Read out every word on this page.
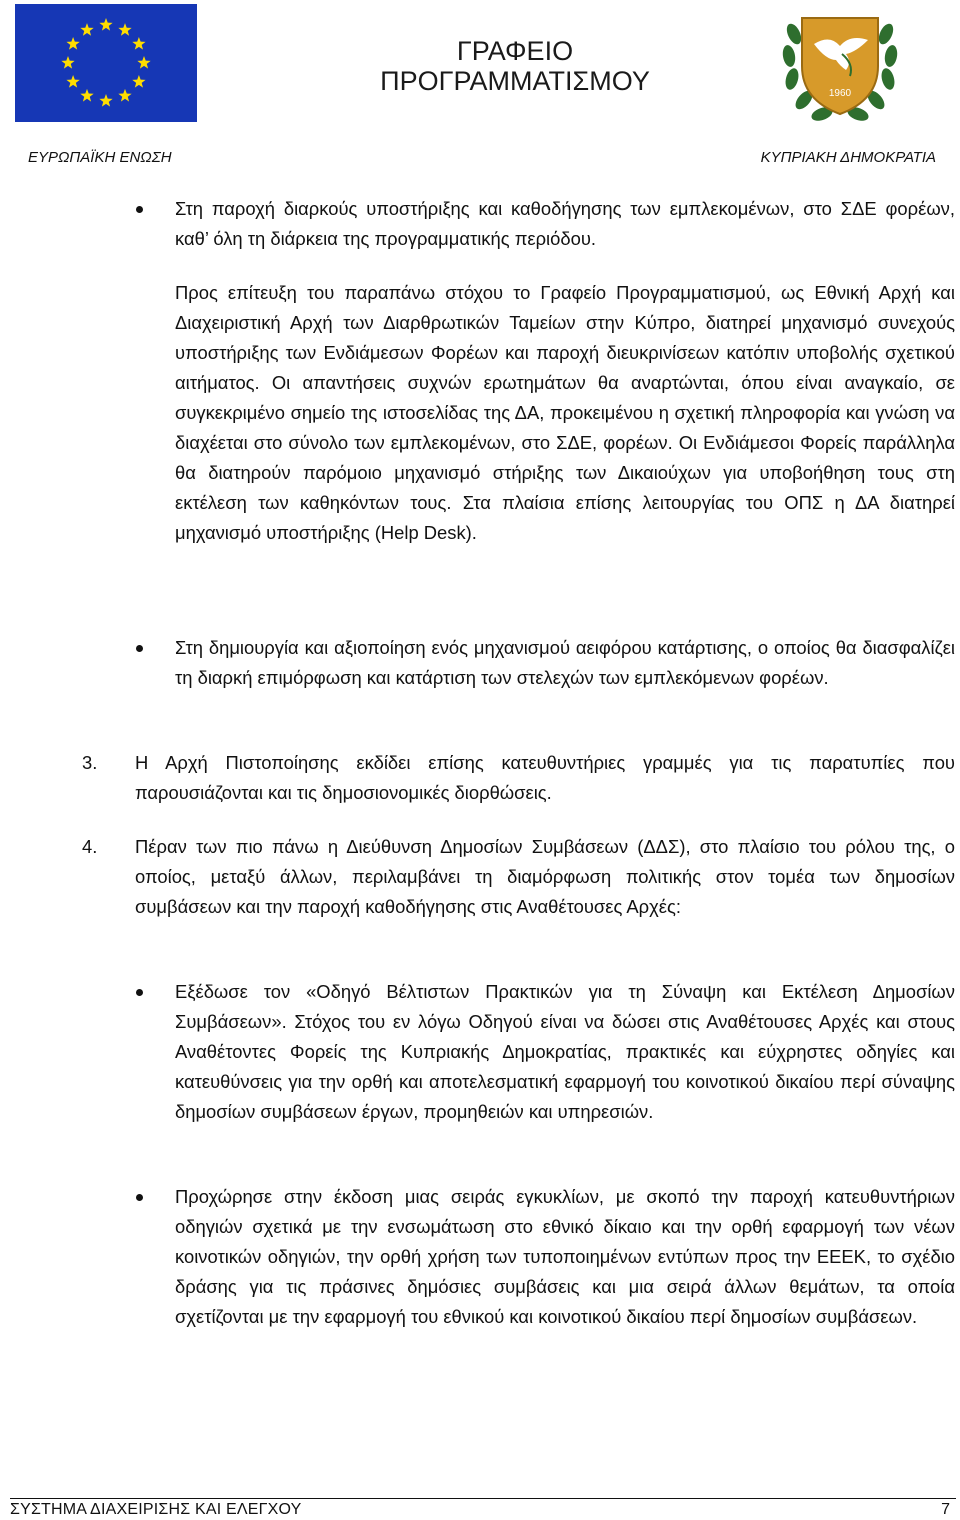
ΓΡΑΦΕΙΟ
ΠΡΟΓΡΑΜΜΑΤΙΣΜΟΥ	1960
ΕΥΡΩΠΑΪΚΗ ΕΝΩΣΗ	ΚΥΠΡΙΑΚΗ ΔΗΜΟΚΡΑΤΙΑ

Στη παροχή διαρκούς υποστήριξης και καθοδήγησης των εμπλεκομένων, στο ΣΔΕ φορέων, καθ’ όλη τη διάρκεια της προγραμματικής περιόδου.

Προς επίτευξη του παραπάνω στόχου το Γραφείο Προγραμματισμού, ως Εθνική Αρχή και Διαχειριστική Αρχή των Διαρθρωτικών Ταμείων στην Κύπρο, διατηρεί μηχανισμό συνεχούς υποστήριξης των Ενδιάμεσων Φορέων και παροχή διευκρινίσεων κατόπιν υποβολής σχετικού αιτήματος. Οι απαντήσεις συχνών ερωτημάτων θα αναρτώνται, όπου είναι αναγκαίο, σε συγκεκριμένο σημείο της ιστοσελίδας της ΔΑ, προκειμένου η σχετική πληροφορία και γνώση να διαχέεται στο σύνολο των εμπλεκομένων, στο ΣΔΕ, φορέων. Οι Ενδιάμεσοι Φορείς παράλληλα θα διατηρούν παρόμοιο μηχανισμό στήριξης των Δικαιούχων για υποβοήθηση τους στη εκτέλεση των καθηκόντων τους. Στα πλαίσια επίσης λειτουργίας του ΟΠΣ η ΔΑ διατηρεί μηχανισμό υποστήριξης (Help Desk).

Στη δημιουργία και αξιοποίηση ενός μηχανισμού αειφόρου κατάρτισης, ο οποίος θα διασφαλίζει τη διαρκή επιμόρφωση και κατάρτιση των στελεχών των εμπλεκόμενων φορέων.

3. Η Αρχή Πιστοποίησης εκδίδει επίσης κατευθυντήριες γραμμές για τις παρατυπίες που παρουσιάζονται και τις δημοσιονομικές διορθώσεις.

4. Πέραν των πιο πάνω η Διεύθυνση Δημοσίων Συμβάσεων (ΔΔΣ), στο πλαίσιο του ρόλου της, ο οποίος, μεταξύ άλλων, περιλαμβάνει τη διαμόρφωση πολιτικής στον τομέα των δημοσίων συμβάσεων και την παροχή καθοδήγησης στις Αναθέτουσες Αρχές:

Εξέδωσε τον «Οδηγό Βέλτιστων Πρακτικών για τη Σύναψη και Εκτέλεση Δημοσίων Συμβάσεων». Στόχος του εν λόγω Οδηγού είναι να δώσει στις Αναθέτουσες Αρχές και στους Αναθέτοντες Φορείς της Κυπριακής Δημοκρατίας, πρακτικές και εύχρηστες οδηγίες και κατευθύνσεις για την ορθή και αποτελεσματική εφαρμογή του κοινοτικού δικαίου περί σύναψης δημοσίων συμβάσεων έργων, προμηθειών και υπηρεσιών.

Προχώρησε στην έκδοση μιας σειράς εγκυκλίων, με σκοπό την παροχή κατευθυντήριων οδηγιών σχετικά με την ενσωμάτωση στο εθνικό δίκαιο και την ορθή εφαρμογή των νέων κοινοτικών οδηγιών, την ορθή χρήση των τυποποιημένων εντύπων προς την ΕΕΕΚ, το σχέδιο δράσης για τις πράσινες δημόσιες συμβάσεις και μια σειρά άλλων θεμάτων, τα οποία σχετίζονται με την εφαρμογή του εθνικού και κοινοτικού δικαίου περί δημοσίων συμβάσεων.

ΣΥΣΤΗΜΑ ΔΙΑΧΕΙΡΙΣΗΣ ΚΑΙ ΕΛΕΓΧΟΥ	7
